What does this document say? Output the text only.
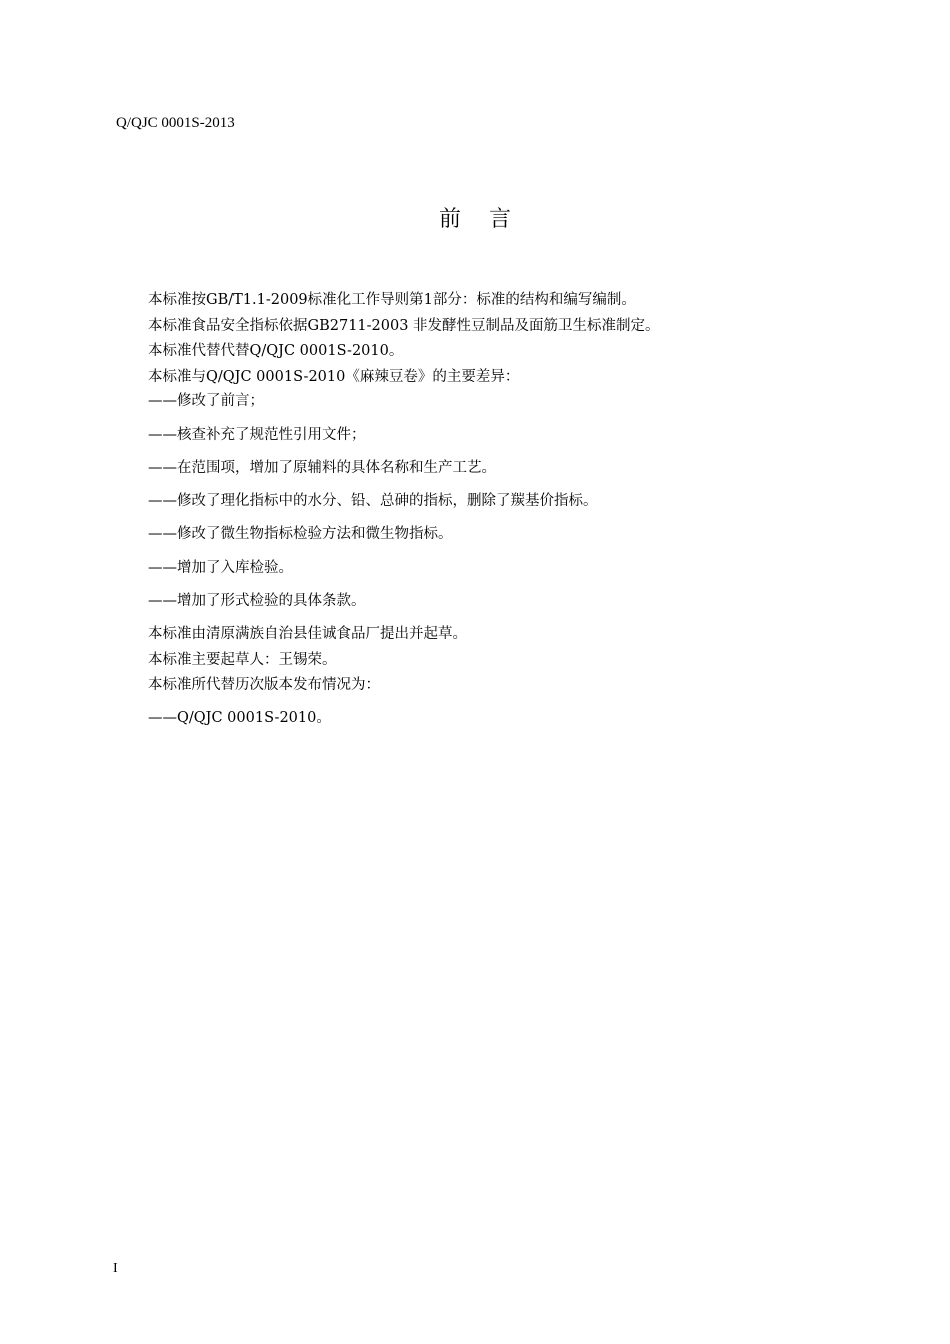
Q/QJC 0001S-2013
前言
本标准按GB/T1.1-2009标准化工作导则第1部分：标准的结构和编写编制。
本标准食品安全指标依据GB2711-2003 非发酵性豆制品及面筋卫生标准制定。
本标准代替代替Q/QJC 0001S-2010。
本标准与Q/QJC 0001S-2010《麻辣豆卷》的主要差异：
——修改了前言；
——核查补充了规范性引用文件；
——在范围项，增加了原辅料的具体名称和生产工艺。
——修改了理化指标中的水分、铅、总砷的指标，删除了羰基价指标。
——修改了微生物指标检验方法和微生物指标。
——增加了入库检验。
——增加了形式检验的具体条款。
本标准由清原满族自治县佳诚食品厂提出并起草。
本标准主要起草人：王锡荣。
本标准所代替历次版本发布情况为：
——Q/QJC 0001S-2010。
I
